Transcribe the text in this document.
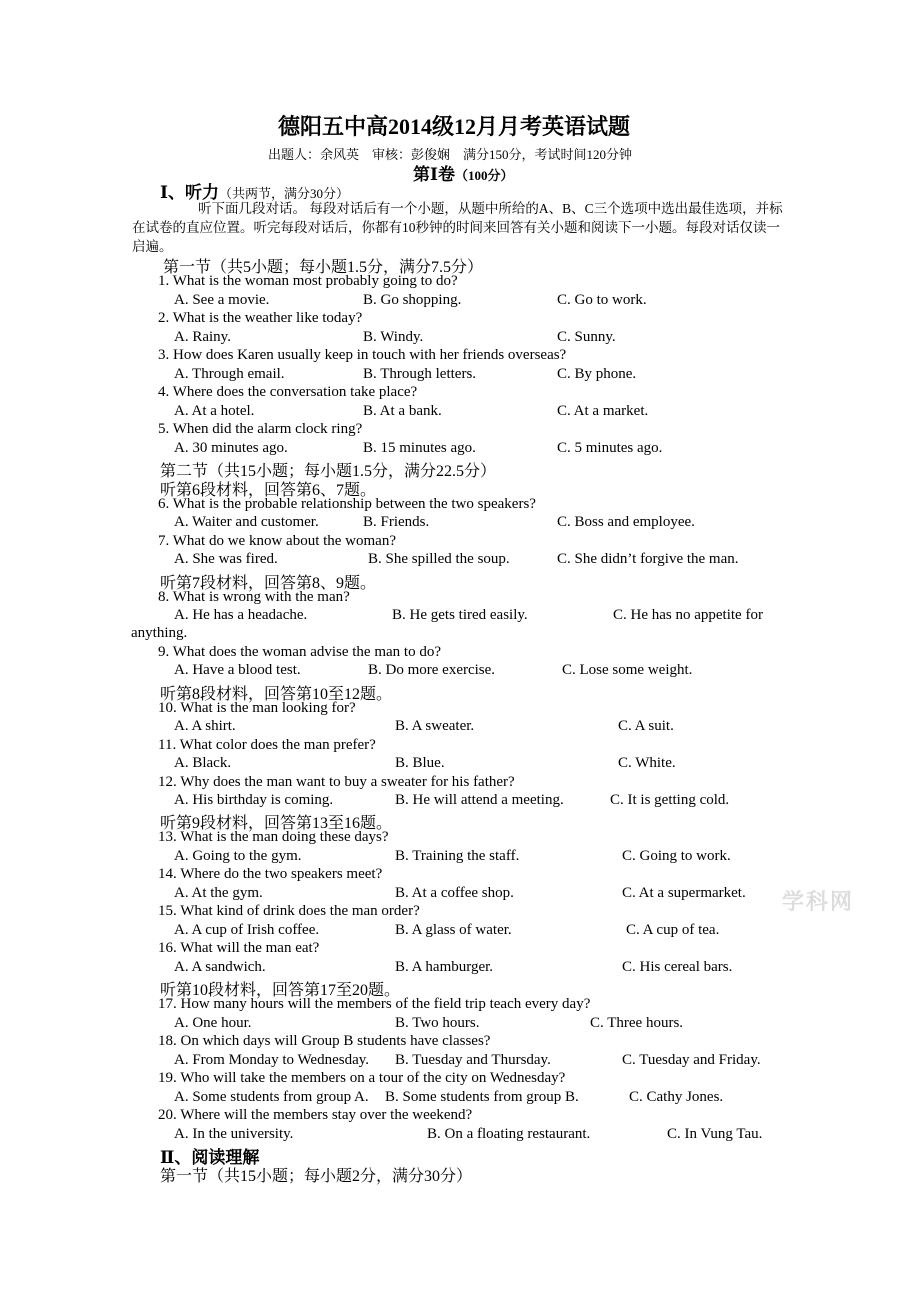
德阳五中高2014级12月月考英语试题
出题人：余风英　审核：彭俊娴　满分150分，考试时间120分钟
第Ⅰ卷（100分）
Ⅰ、听力（共两节，满分30分）
听下面几段对话。 每段对话后有一个小题，从题中所给的A、B、C三个选项中选出最佳选项，并标在试卷的直应位置。听完每段对话后，你都有10秒钟的时间来回答有关小题和阅读下一小题。每段对话仅读一启遍。
第一节（共5小题；每小题1.5分，满分7.5分）
1. What is the woman most probably going to do?
A. See a movie.	B. Go shopping.	C. Go to work.
2. What is the weather like today?
A. Rainy.	B. Windy.	C. Sunny.
3. How does Karen usually keep in touch with her friends overseas?
A. Through email.	B. Through letters.	C. By phone.
4. Where does the conversation take place?
A. At a hotel.	B. At a bank.	C. At a market.
5. When did the alarm clock ring?
A. 30 minutes ago.	B. 15 minutes ago.	C. 5 minutes ago.
6. What is the probable relationship between the two speakers?
A. Waiter and customer.	B. Friends.	C. Boss and employee.
7. What do we know about the woman?
A. She was fired.	B. She spilled the soup.	C. She didn’t forgive the man.
8. What is wrong with the man?
A. He has a headache.	B. He gets tired easily.	C. He has no appetite for
anything.
9. What does the woman advise the man to do?
A. Have a blood test.	B. Do more exercise.	C. Lose some weight.
10. What is the man looking for?
A. A shirt.	B. A sweater.	C. A suit.
11. What color does the man prefer?
A. Black.	B. Blue.	C. White.
12. Why does the man want to buy a sweater for his father?
A. His birthday is coming.	B. He will attend a meeting.	C. It is getting cold.
13. What is the man doing these days?
A. Going to the gym.	B. Training the staff.	C. Going to work.
14. Where do the two speakers meet?
A. At the gym.	B. At a coffee shop.	C. At a supermarket.
15. What kind of drink does the man order?
A. A cup of Irish coffee.	B. A glass of water.	C. A cup of tea.
16. What will the man eat?
A. A sandwich.	B. A hamburger.	C. His cereal bars.
17. How many hours will the members of the field trip teach every day?
A. One hour.	B. Two hours.	C. Three hours.
18. On which days will Group B students have classes?
A. From Monday to Wednesday. B. Tuesday and Thursday.	C. Tuesday and Friday.
19. Who will take the members on a tour of the city on Wednesday?
A. Some students from group A. B. Some students from group B.	C. Cathy Jones.
20. Where will the members stay over the weekend?
A. In the university.	B. On a floating restaurant.	C. In Vung Tau.
第二节（共15小题；每小题1.5分，满分22.5分）
听第6段材料，回答第6、7题。
听第7段材料，回答第8、9题。
听第8段材料，回答第10至12题。
听第9段材料，回答第13至16题。
听第10段材料，回答第17至20题。
Ⅱ、阅读理解
第一节（共15小题；每小题2分，满分30分）
学科网
